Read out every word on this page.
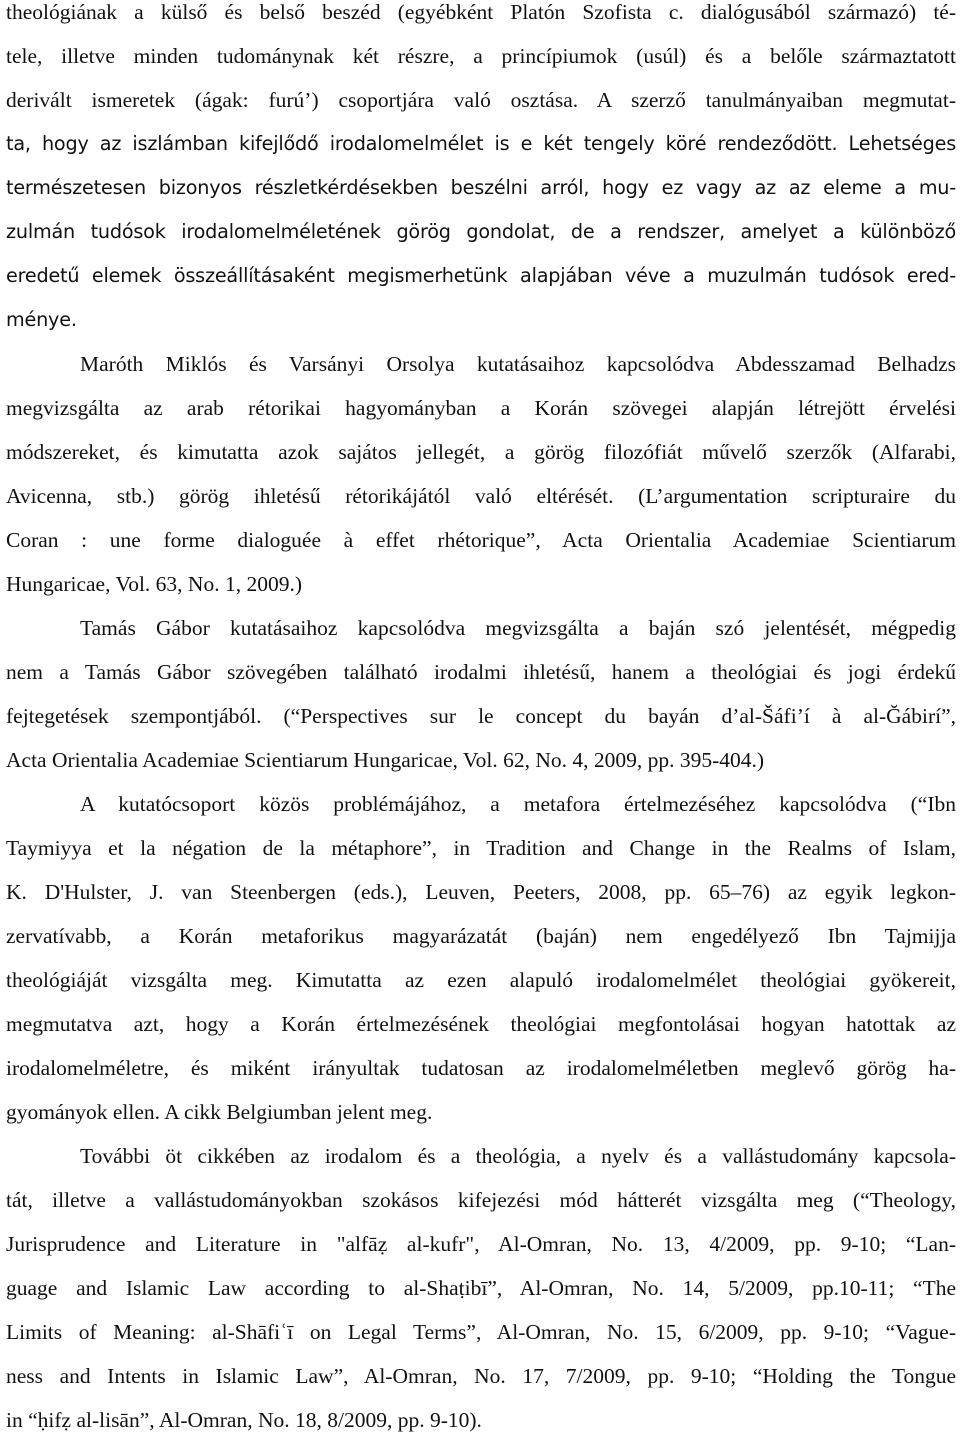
theológiának a külső és belső beszéd (egyébként Platón Szofista c. dialógusából származó) té-
tele, illetve minden tudománynak két részre, a princípiumok (usúl) és a belőle származtatott
derivált ismeretek (ágak: furú’) csoportjára való osztása. A szerző tanulmányaiban megmutat-
ta, hogy az iszlámban kifejlődő irodalomelmélet is e két tengely köré rendeződött. Lehetséges
természetesen bizonyos részletkérdésekben beszélni arról, hogy ez vagy az az eleme a mu-
zulmán tudósok irodalomelméletének görög gondolat, de a rendszer, amelyet a különböző
eredetű elemek összeállításaként megismerhetünk alapjában véve a muzulmán tudósok ered-
ménye.
Maróth Miklós és Varsányi Orsolya kutatásaihoz kapcsolódva Abdesszamad Belhadzs
megvizsgálta az arab rétorikai hagyományban a Korán szövegei alapján létrejött érvelési
módszereket, és kimutatta azok sajátos jellegét, a görög filozófiát művelő szerzők (Alfarabi,
Avicenna, stb.) görög ihletésű rétorikájától való eltérését. (L’argumentation scripturaire du
Coran : une forme dialoguée à effet rhétorique”, Acta Orientalia Academiae Scientiarum
Hungaricae, Vol. 63, No. 1, 2009.)
Tamás Gábor kutatásaihoz kapcsolódva megvizsgálta a baján szó jelentését, mégpedig
nem a Tamás Gábor szövegében található irodalmi ihletésű, hanem a theológiai és jogi érdekű
fejtegetések szempontjából. (“Perspectives sur le concept du bayán d’al-Šáfi’í à al-Ğábirí”,
Acta Orientalia Academiae Scientiarum Hungaricae, Vol. 62, No. 4, 2009, pp. 395-404.)
A kutatócsoport közös problémájához, a metafora értelmezéséhez kapcsolódva (“Ibn
Taymiyya et la négation de la métaphore”, in Tradition and Change in the Realms of Islam,
K. D'Hulster, J. van Steenbergen (eds.), Leuven, Peeters, 2008, pp. 65–76) az egyik legkon-
zervatívabb, a Korán metaforikus magyarázatát (baján) nem engedélyező Ibn Tajmijja
theológiáját vizsgálta meg. Kimutatta az ezen alapuló irodalomelmélet theológiai gyökereit,
megmutatva azt, hogy a Korán értelmezésének theológiai megfontolásai hogyan hatottak az
irodalomelméletre, és miként irányultak tudatosan az irodalomelméletben meglevő görög ha-
gyományok ellen. A cikk Belgiumban jelent meg.
További öt cikkében az irodalom és a theológia, a nyelv és a vallástudomány kapcsola-
tát, illetve a vallástudományokban szokásos kifejezési mód hátterét vizsgálta meg (“Theology,
Jurisprudence and Literature in "alfāẓ al-kufr", Al-Omran, No. 13, 4/2009, pp. 9-10; “Lan-
guage and Islamic Law according to al-Shaṭibī”, Al-Omran, No. 14, 5/2009, pp.10-11; “The
Limits of Meaning: al-Shāfiʿī on Legal Terms”, Al-Omran, No. 15, 6/2009, pp. 9-10; “Vague-
ness and Intents in Islamic Law”, Al-Omran, No. 17, 7/2009, pp. 9-10; “Holding the Tongue
in “ḥifẓ al-lisān”, Al-Omran, No. 18, 8/2009, pp. 9-10).
